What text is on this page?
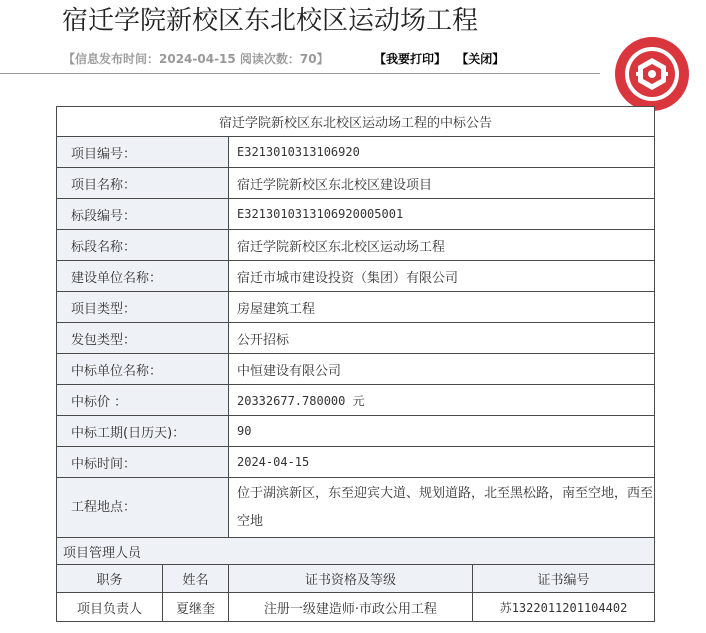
宿迁学院新校区东北校区运动场工程
【信息发布时间：2024-04-15 阅读次数：70】	【我要打印】 【关闭】
宿迁学院新校区东北校区运动场工程的中标公告			
项目编号：		E3213010313106920	
项目名称：		宿迁学院新校区东北校区建设项目	
标段编号：		E3213010313106920005001	
标段名称：		宿迁学院新校区东北校区运动场工程	
建设单位名称：		宿迁市城市建设投资（集团）有限公司	
项目类型：		房屋建筑工程	
发包类型：		公开招标	
中标单位名称：		中恒建设有限公司	
中标价 ：		20332677.780000 元	
中标工期(日历天)：		90	
中标时间：		2024-04-15	
工程地点：		位于湖滨新区，东至迎宾大道、规划道路，北至黑松路，南至空地，西至空地	
项目管理人员			
职务	姓名	证书资格及等级	证书编号
项目负责人	夏继奎	注册一级建造师·市政公用工程	苏1322011201104402
